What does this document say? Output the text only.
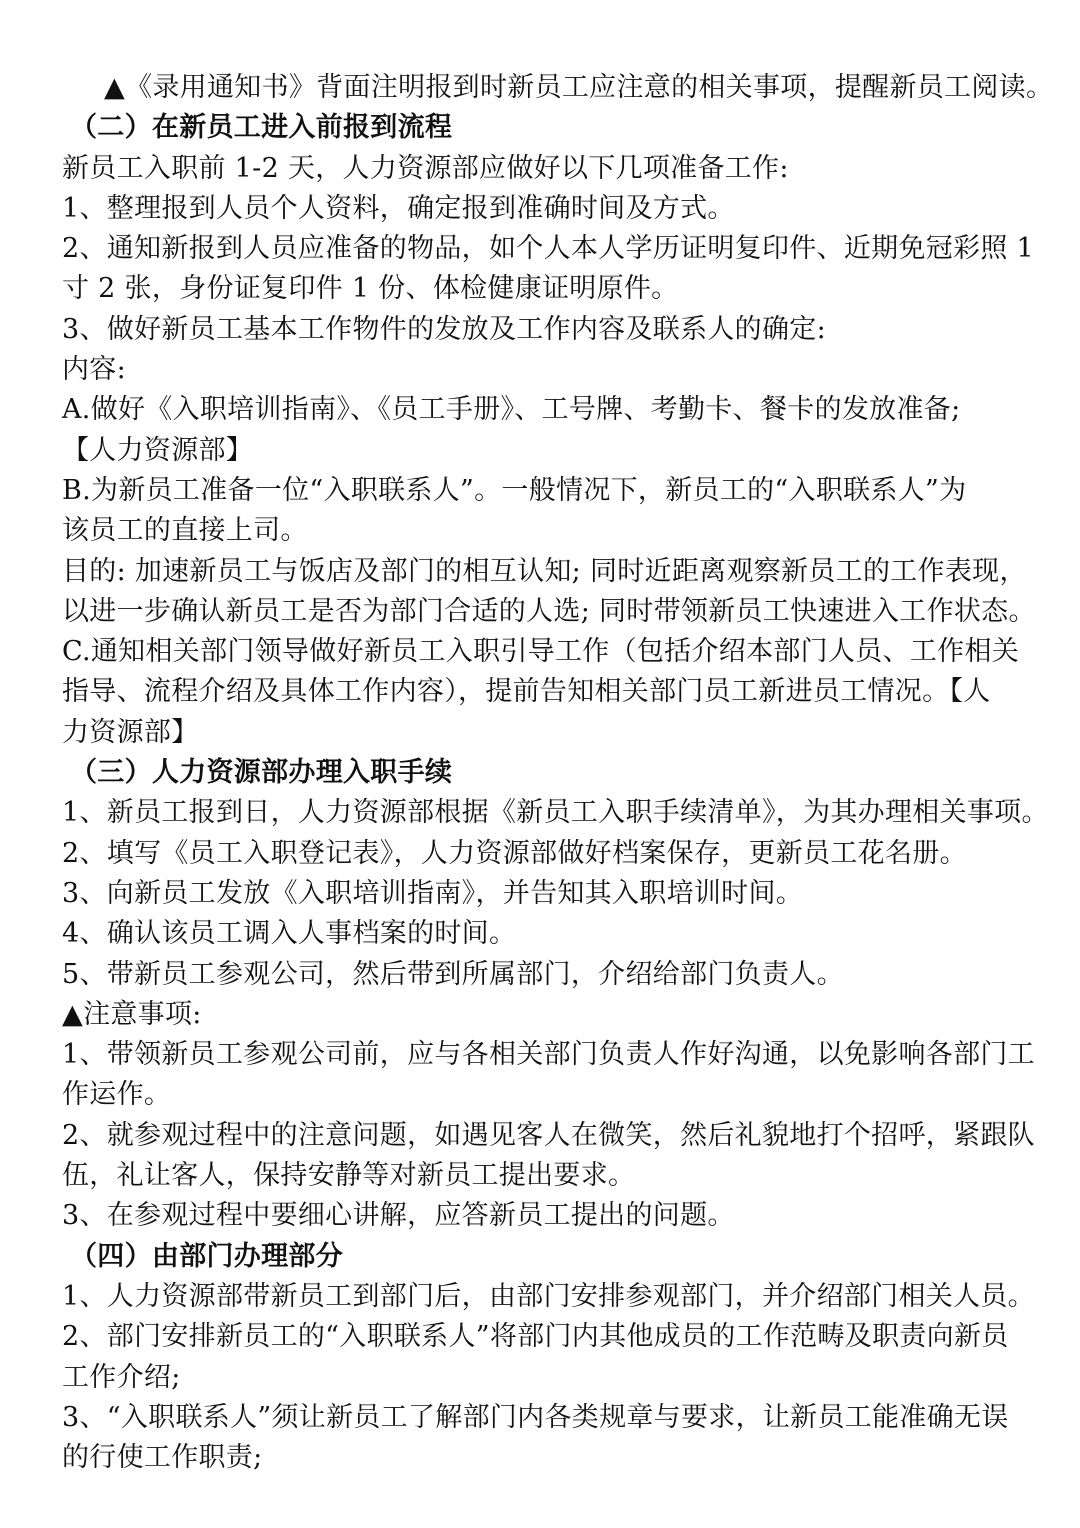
▲《录用通知书》背面注明报到时新员工应注意的相关事项，提醒新员工阅读。
（二）在新员工进入前报到流程
新员工入职前 1-2 天，人力资源部应做好以下几项准备工作:
1、整理报到人员个人资料，确定报到准确时间及方式。
2、通知新报到人员应准备的物品，如个人本人学历证明复印件、近期免冠彩照 1
寸 2 张，身份证复印件 1 份、体检健康证明原件。
3、做好新员工基本工作物件的发放及工作内容及联系人的确定:
内容:
A.做好《入职培训指南》、《员工手册》、工号牌、考勤卡、餐卡的发放准备;
【人力资源部】
B.为新员工准备一位“入职联系人”。一般情况下，新员工的“入职联系人”为
该员工的直接上司。
目的: 加速新员工与饭店及部门的相互认知; 同时近距离观察新员工的工作表现，
以进一步确认新员工是否为部门合适的人选; 同时带领新员工快速进入工作状态。
C.通知相关部门领导做好新员工入职引导工作（包括介绍本部门人员、工作相关
指导、流程介绍及具体工作内容），提前告知相关部门员工新进员工情况。【人
力资源部】
（三）人力资源部办理入职手续
1、新员工报到日，人力资源部根据《新员工入职手续清单》，为其办理相关事项。
2、填写《员工入职登记表》，人力资源部做好档案保存，更新员工花名册。
3、向新员工发放《入职培训指南》，并告知其入职培训时间。
4、确认该员工调入人事档案的时间。
5、带新员工参观公司，然后带到所属部门，介绍给部门负责人。
▲注意事项:
1、带领新员工参观公司前，应与各相关部门负责人作好沟通，以免影响各部门工
作运作。
2、就参观过程中的注意问题，如遇见客人在微笑，然后礼貌地打个招呼，紧跟队
伍，礼让客人，保持安静等对新员工提出要求。
3、在参观过程中要细心讲解，应答新员工提出的问题。
（四）由部门办理部分
1、人力资源部带新员工到部门后，由部门安排参观部门，并介绍部门相关人员。
2、部门安排新员工的“入职联系人”将部门内其他成员的工作范畴及职责向新员
工作介绍;
3、“入职联系人”须让新员工了解部门内各类规章与要求，让新员工能准确无误
的行使工作职责;
